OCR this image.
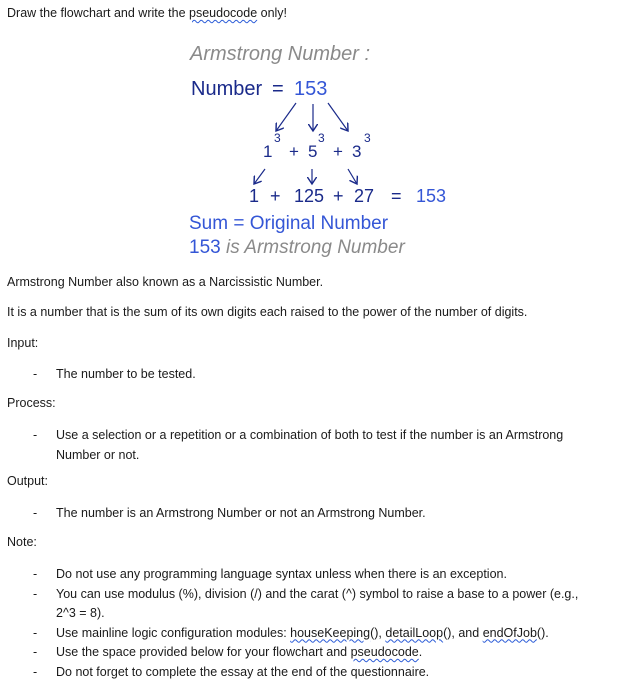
Draw the flowchart and write the pseudocode only!
Armstrong Number :
Number = 153
1
3
+ 5
3
+ 3
3
1 + 125 + 27 = 153
Sum = Original Number
153 is Armstrong Number
Armstrong Number also known as a Narcissistic Number.
It is a number that is the sum of its own digits each raised to the power of the number of digits.
Input:
- The number to be tested.
Process:
- Use a selection or a repetition or a combination of both to test if the number is an Armstrong
Number or not.
Output:
- The number is an Armstrong Number or not an Armstrong Number.
Note:
- Do not use any programming language syntax unless when there is an exception.
- You can use modulus (%), division (/) and the carat (^) symbol to raise a base to a power (e.g.,
2^3 = 8).
- Use mainline logic configuration modules: houseKeeping(), detailLoop(), and endOfJob().
- Use the space provided below for your flowchart and pseudocode.
- Do not forget to complete the essay at the end of the questionnaire.
